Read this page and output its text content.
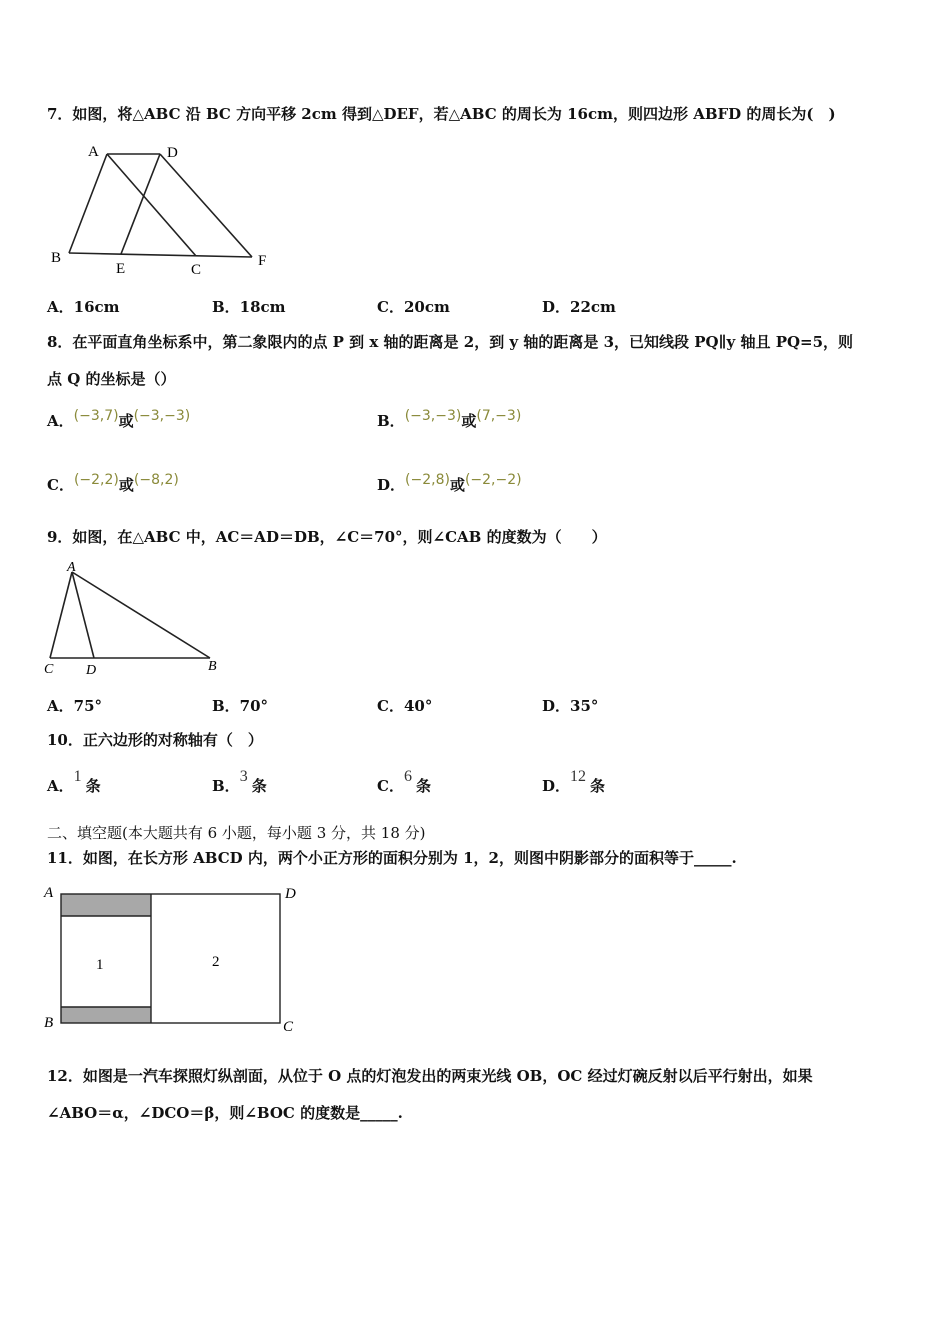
7．如图，将△ABC 沿 BC 方向平移 2cm 得到△DEF，若△ABC 的周长为 16cm，则四边形 ABFD 的周长为(　)
A	D
B
E	C
F
A．16cm	B．18cm	C．20cm	D．22cm
8．在平面直角坐标系中，第二象限内的点 P 到 x 轴的距离是 2，到 y 轴的距离是 3，已知线段 PQ∥y 轴且 PQ=5，则
点 Q 的坐标是（）
A．(−3,7)或(−3,−3)	B．(−3,−3)或(7,−3)
C．(−2,2)或(−8,2)	D．(−2,8)或(−2,−2)
9．如图，在△ABC 中，AC＝AD＝DB，∠C＝70°，则∠CAB 的度数为（　　）
A
C D	B
A．75°	B．70°	C．40°	D．35°
10．正六边形的对称轴有（　）
A．1条	B．3条	C．6条	D．12条
二、填空题(本大题共有 6 小题，每小题 3 分，共 18 分)
11．如图，在长方形 ABCD 内，两个小正方形的面积分别为 1，2，则图中阴影部分的面积等于_____.
A	D
B	C
1	2
12．如图是一汽车探照灯纵剖面，从位于 O 点的灯泡发出的两束光线 OB，OC 经过灯碗反射以后平行射出，如果
∠ABO＝α，∠DCO＝β，则∠BOC 的度数是_____.
